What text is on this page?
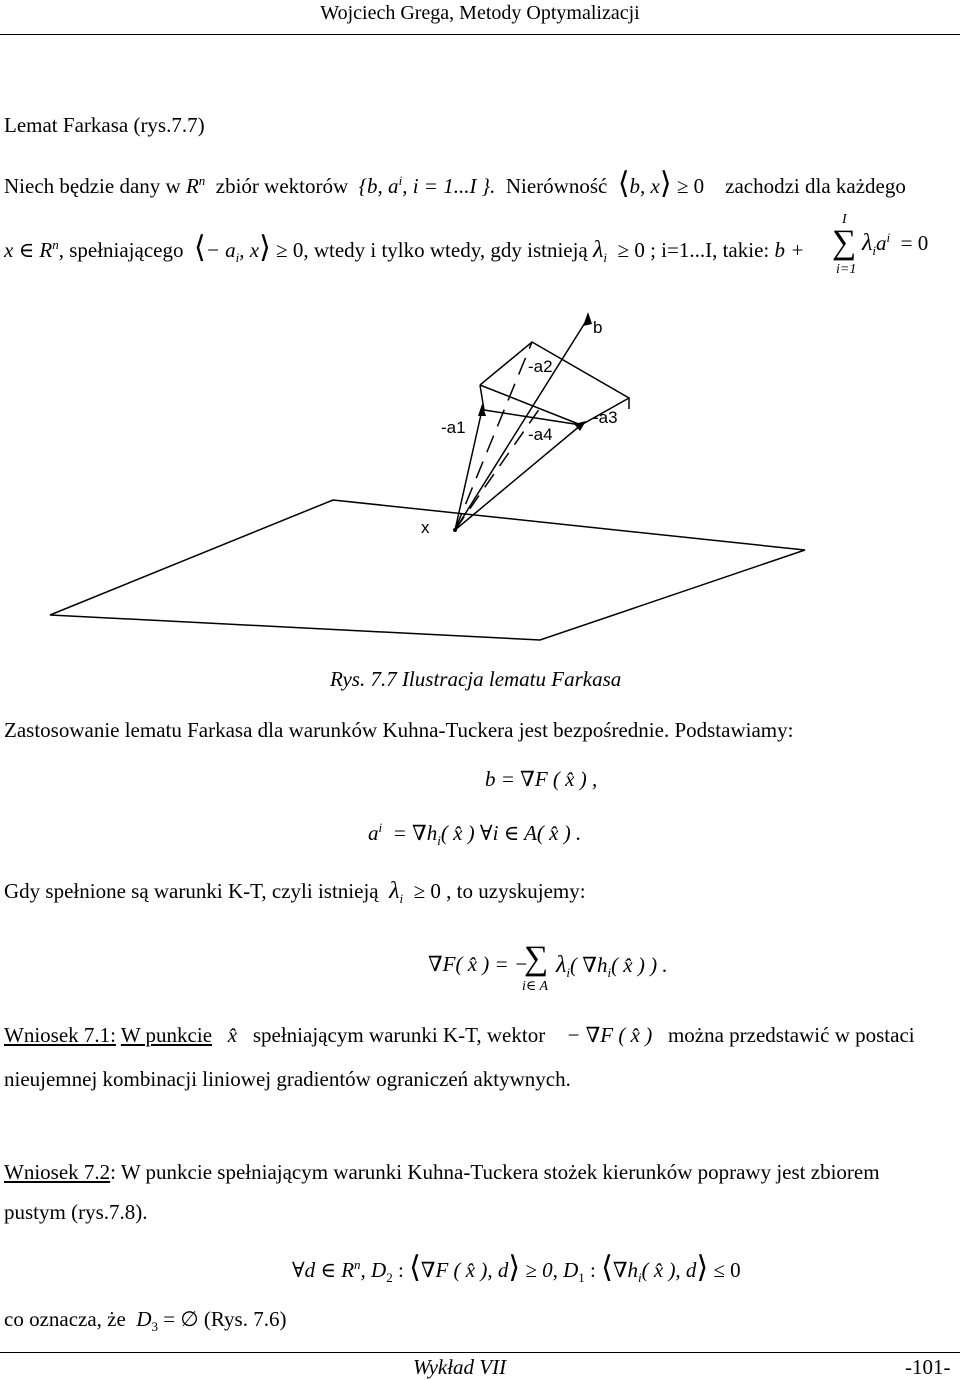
Wojciech Grega, Metody Optymalizacji
Lemat Farkasa (rys.7.7)
Niech będzie dany w $R^n$ zbiór wektorów {b, $a^i$, i = 1...I }. Nierówność ⟨b, x⟩ ≥ 0 zachodzi dla każdego
x ∈ $R^n$, spełniającego ⟨− $a_i$, x⟩ ≥ 0, wtedy i tylko wtedy, gdy istnieją $\lambda_i \ge 0$ ; i=1...I, takie: b +
I
∑
i=1
$\lambda_ia^i = 0$
b
-a2
-a1	-a4
-a3
x
Rys. 7.7 Ilustracja lematu Farkasa
Zastosowanie lematu Farkasa dla warunków Kuhna-Tuckera jest bezpośrednie. Podstawiamy:
b = ∇F ( x̂ ) ,
$a^i = \nabla h_i$( x̂ ) ∀i ∈ A( x̂ ) .
Gdy spełnione są warunki K-T, czyli istnieją $\lambda_i \ge 0$ , to uzyskujemy:
∇F( x̂ ) = −
∑
i∈ A
$\lambda_i$( $\nabla h_i$( x̂ ) ) .
Wniosek 7.1: W punkcie x̂ spełniającym warunki K-T, wektor − ∇F ( x̂ ) można przedstawić w postaci
nieujemnej kombinacji liniowej gradientów ograniczeń aktywnych.
Wniosek 7.2: W punkcie spełniającym warunki Kuhna-Tuckera stożek kierunków poprawy jest zbiorem
pustym (rys.7.8).
∀d ∈ $R^n$, $D_2$ : ⟨∇F ( x̂ ), d⟩ ≥ 0, $D_1$ : $⟨\nabla h_i$( x̂ ), d⟩ ≤ 0
co oznacza, że $D_3$ = ∅ (Rys. 7.6)
Wykład VII	-101-
